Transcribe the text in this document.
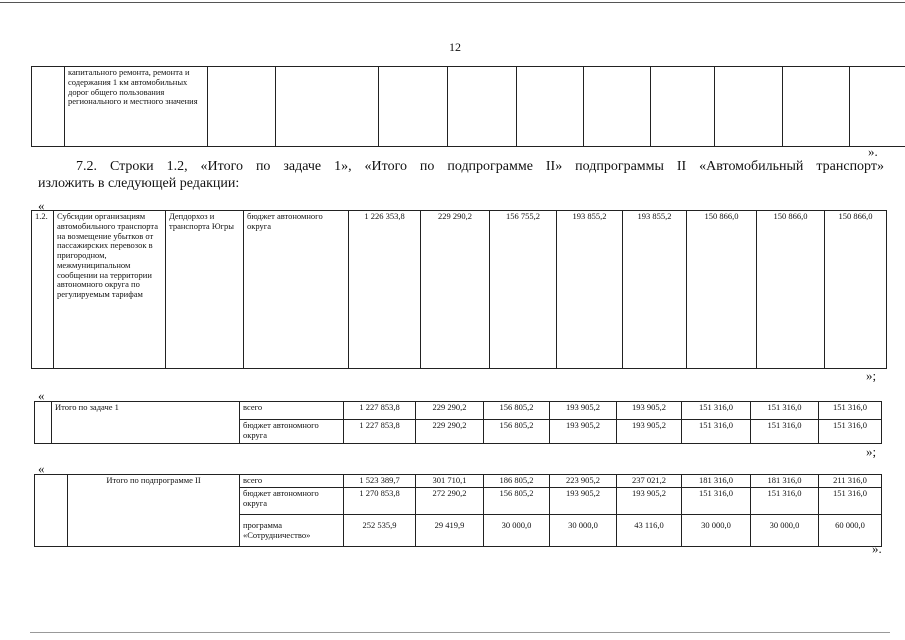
12
	капитального ремонта, ремонта и содержания 1 км автомобильных дорог общего пользования регионального и местного значения										
».
7.2. Строки 1.2, «Итого по задаче 1», «Итого по подпрограмме II» подпрограммы II «Автомобильный транспорт»
изложить в следующей редакции:
«
1.2.	Субсидии организациям автомобильного транспорта на возмещение убытков от пассажирских перевозок в пригородном, межмуниципальном сообщении на территории автономного округа по регулируемым тарифам	Депдорхоз и транспорта Югры	бюджет автономного округа	1 226 353,8	229 290,2	156 755,2	193 855,2	193 855,2	150 866,0	150 866,0	150 866,0
»;
«
	Итого по задаче 1	всего	1 227 853,8	229 290,2	156 805,2	193 905,2	193 905,2	151 316,0	151 316,0	151 316,0
		бюджет автономного округа	1 227 853,8	229 290,2	156 805,2	193 905,2	193 905,2	151 316,0	151 316,0	151 316,0
»;
«
	Итого по подпрограмме II	всего	1 523 389,7	301 710,1	186 805,2	223 905,2	237 021,2	181 316,0	181 316,0	211 316,0
		бюджет автономного округа	1 270 853,8	272 290,2	156 805,2	193 905,2	193 905,2	151 316,0	151 316,0	151 316,0
		программа «Сотрудничество»	252 535,9	29 419,9	30 000,0	30 000,0	43 116,0	30 000,0	30 000,0	60 000,0
».
